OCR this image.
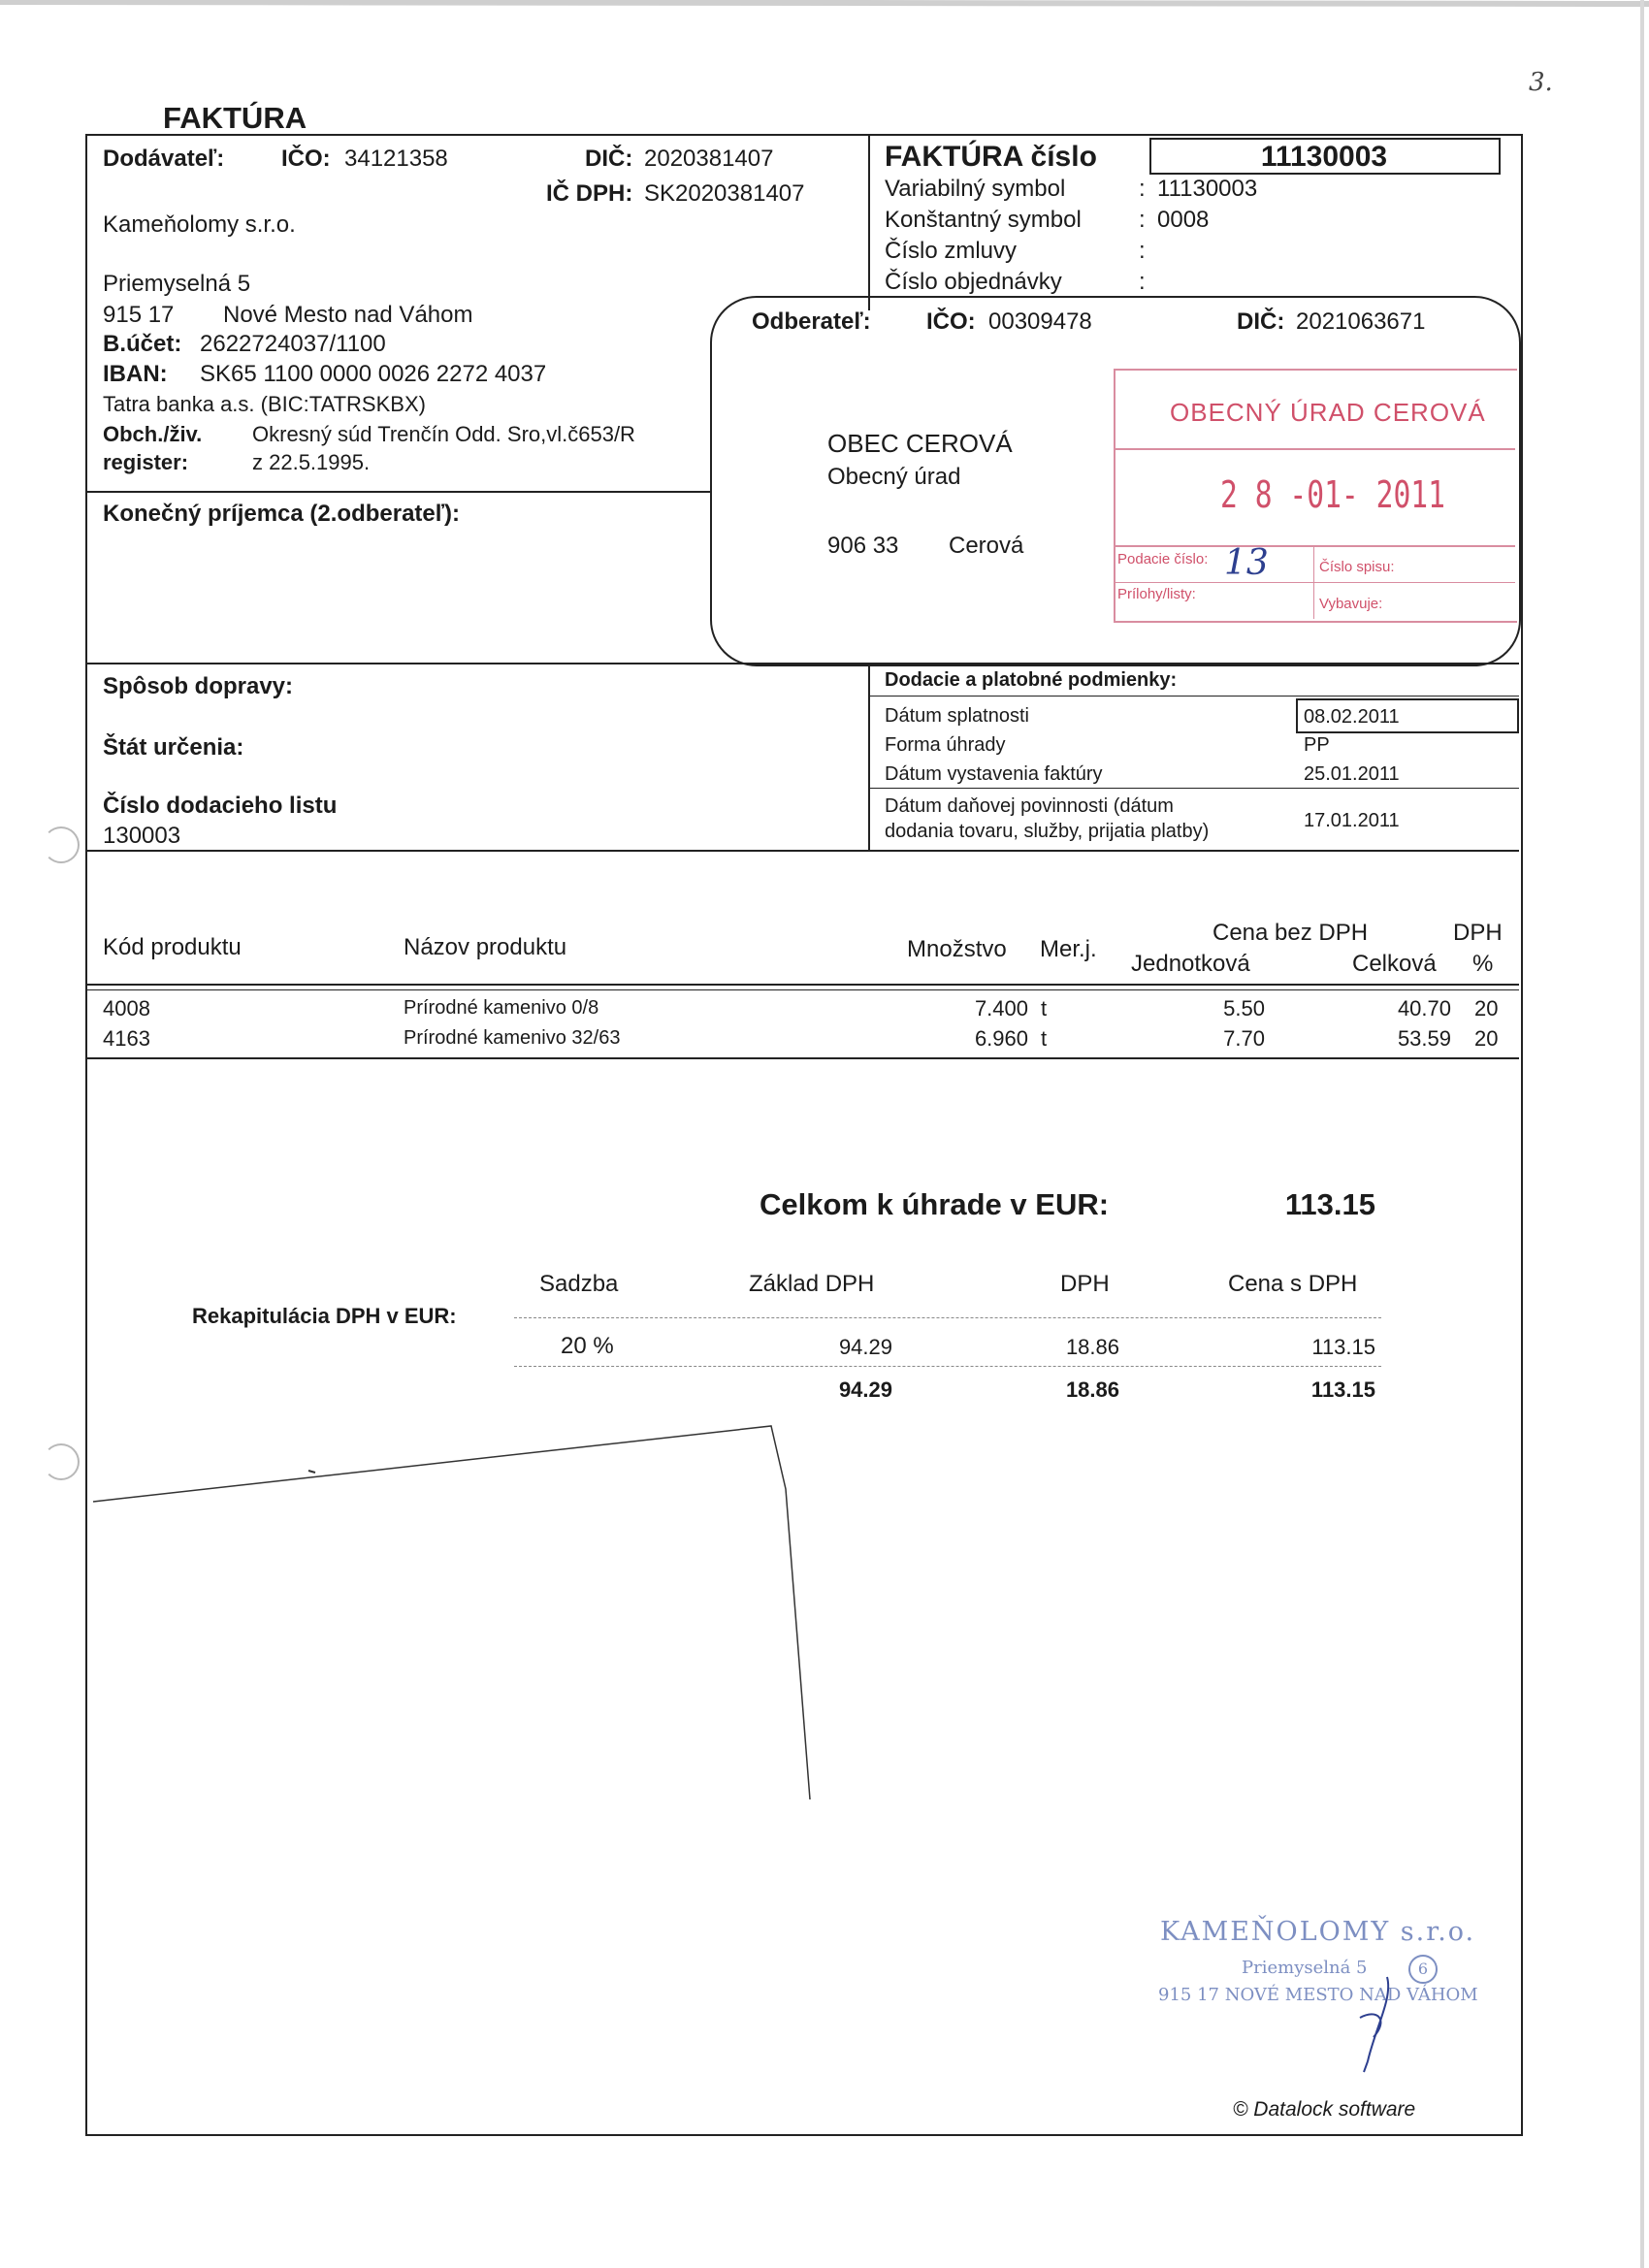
3.
FAKTÚRA
Dodávateľ: IČO: 34121358	DIČ: 2020381407
IČ DPH: SK2020381407
Kameňolomy s.r.o.
Priemyselná 5
915 17 Nové Mesto nad Váhom
B.účet: 2622724037/1100
IBAN: SK65 1100 0000 0026 2272 4037
Tatra banka a.s. (BIC:TATRSKBX)
Obch./živ.
register:
Okresný súd Trenčín Odd. Sro,vl.č653/R
z 22.5.1995.
FAKTÚRA číslo	11130003
Variabilný symbol	: 11130003
Konštantný symbol : 0008
Číslo zmluvy	:
Číslo objednávky	:
Odberateľ: IČO: 00309478	DIČ: 2021063671
OBEC CEROVÁ
Obecný úrad
906 33 Cerová
OBECNÝ ÚRAD CEROVÁ
2 8 -01- 2011
Podacie číslo: 13	Číslo spisu:
Prílohy/listy:
Vybavuje:
Konečný príjemca (2.odberateľ):
Spôsob dopravy:
Štát určenia:
Číslo dodacieho listu
130003
Dodacie a platobné podmienky:
Dátum splatnosti	08.02.2011
Forma úhrady	PP
Dátum vystavenia faktúry	25.01.2011
Dátum daňovej povinnosti (dátum
dodania tovaru, služby, prijatia platby)	17.01.2011
Kód produktu	Názov produktu	Množstvo Mer.j.
Cena bez DPH
Jednotková	Celková
DPH
%
4008	Prírodné kamenivo 0/8	7.400 t	5.50	40.70 20
4163	Prírodné kamenivo 32/63	6.960 t	7.70	53.59 20
Celkom k úhrade v EUR:	113.15
Sadzba	Základ DPH	DPH	Cena s DPH
Rekapitulácia DPH v EUR:
20 %	94.29	18.86	113.15
94.29	18.86	113.15
KAMEŇOLOMY s.r.o.
Priemyselná 5	6
915 17 NOVÉ MESTO NAD VÁHOM
© Datalock software
